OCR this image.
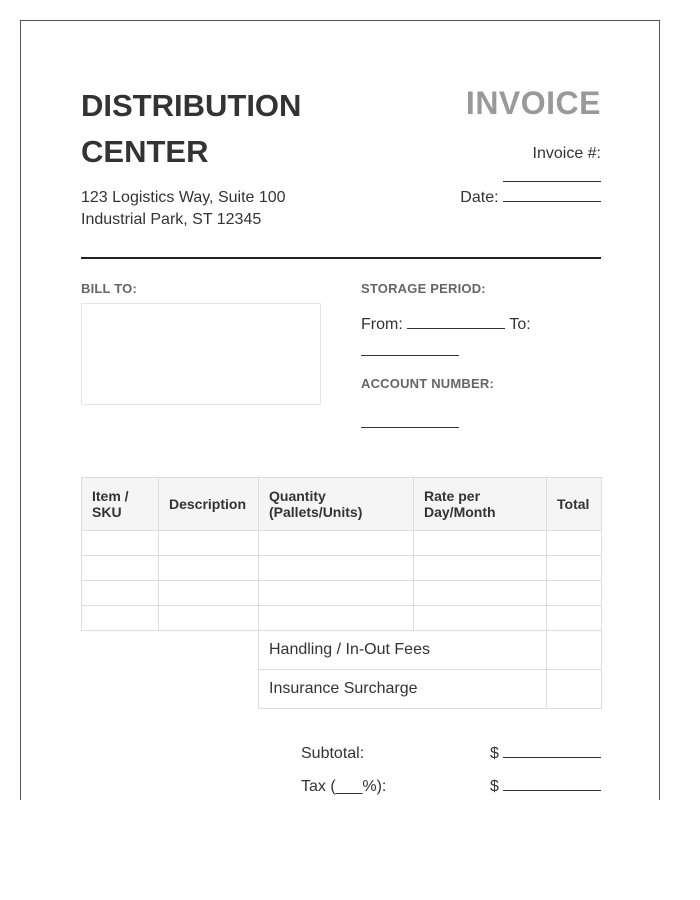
DISTRIBUTION
CENTER
123 Logistics Way, Suite 100
Industrial Park, ST 12345
INVOICE
Invoice #:
Date:
BILL TO:	STORAGE PERIOD:
From:	To:
ACCOUNT NUMBER:
Item / SKU	Description	Quantity (Pallets/Units)	Rate per Day/Month	Total

		Handling / In-Out Fees		
		Insurance Surcharge		
Subtotal:	$
Tax (___%):	$
